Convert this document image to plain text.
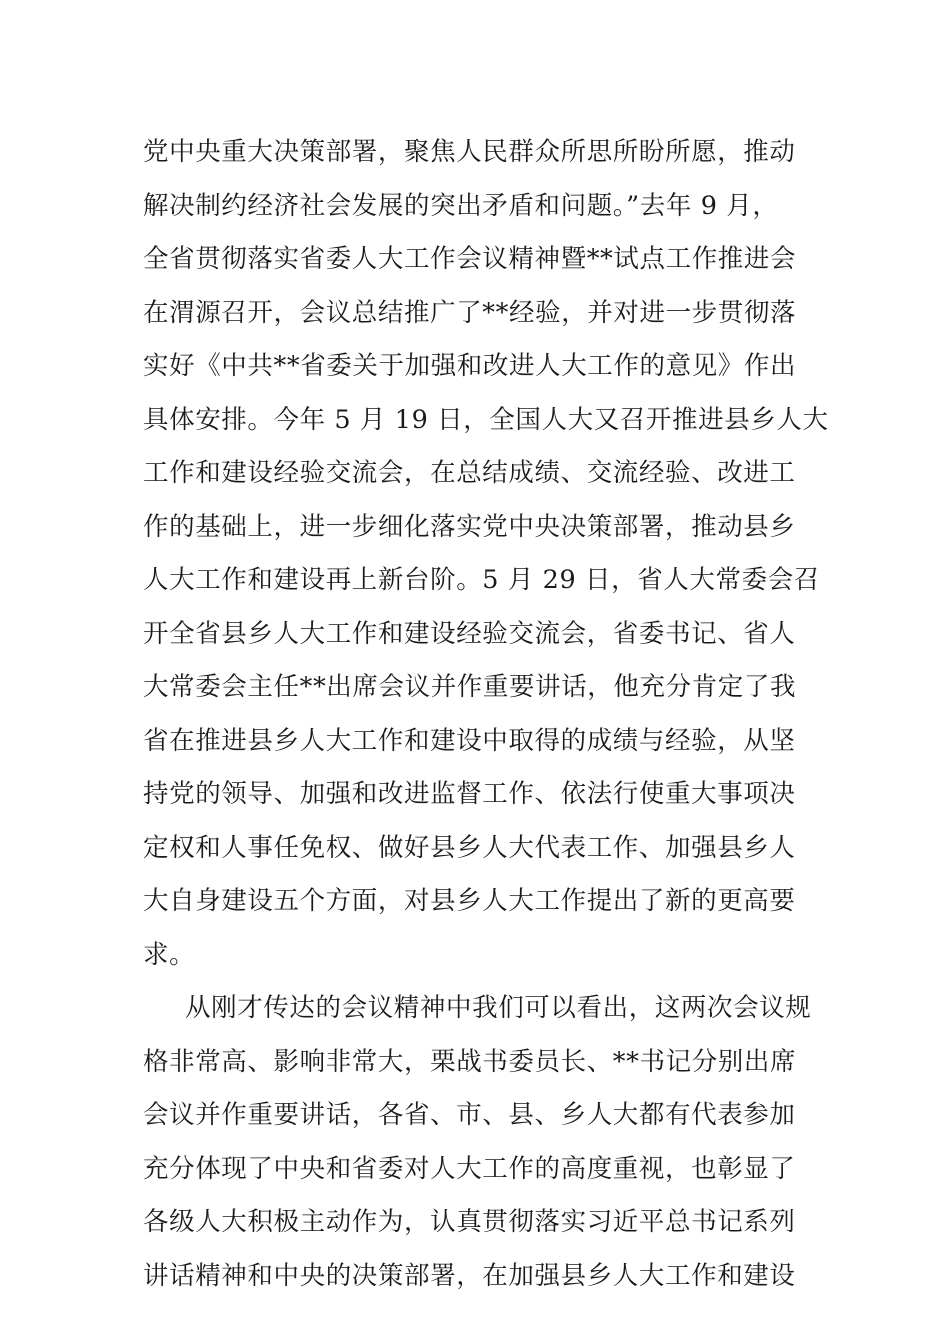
党中央重大决策部署，聚焦人民群众所思所盼所愿，推动
解决制约经济社会发展的突出矛盾和问题。”去年 9 月，
全省贯彻落实省委人大工作会议精神暨**试点工作推进会
在渭源召开，会议总结推广了**经验，并对进一步贯彻落
实好《中共**省委关于加强和改进人大工作的意见》作出
具体安排。今年 5 月 19 日，全国人大又召开推进县乡人大
工作和建设经验交流会，在总结成绩、交流经验、改进工
作的基础上，进一步细化落实党中央决策部署，推动县乡
人大工作和建设再上新台阶。5 月 29 日，省人大常委会召
开全省县乡人大工作和建设经验交流会，省委书记、省人
大常委会主任**出席会议并作重要讲话，他充分肯定了我
省在推进县乡人大工作和建设中取得的成绩与经验，从坚
持党的领导、加强和改进监督工作、依法行使重大事项决
定权和人事任免权、做好县乡人大代表工作、加强县乡人
大自身建设五个方面，对县乡人大工作提出了新的更高要
求。
从刚才传达的会议精神中我们可以看出，这两次会议规
格非常高、影响非常大，栗战书委员长、**书记分别出席
会议并作重要讲话，各省、市、县、乡人大都有代表参加
充分体现了中央和省委对人大工作的高度重视，也彰显了
各级人大积极主动作为，认真贯彻落实习近平总书记系列
讲话精神和中央的决策部署，在加强县乡人大工作和建设
